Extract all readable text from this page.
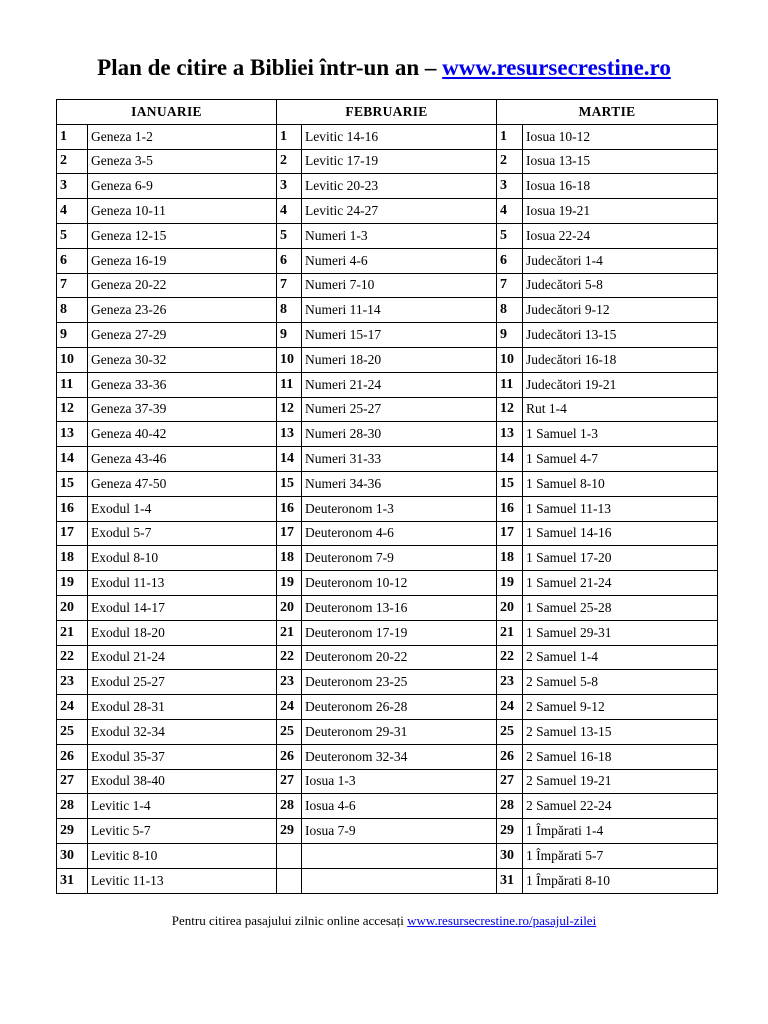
Plan de citire a Bibliei într-un an – www.resursecrestine.ro
IANUARIE		FEBRUARIE		MARTIE	
1	Geneza 1-2	1	Levitic 14-16	1	Iosua 10-12
2	Geneza 3-5	2	Levitic 17-19	2	Iosua 13-15
3	Geneza 6-9	3	Levitic 20-23	3	Iosua 16-18
4	Geneza 10-11	4	Levitic 24-27	4	Iosua 19-21
5	Geneza 12-15	5	Numeri 1-3	5	Iosua 22-24
6	Geneza 16-19	6	Numeri 4-6	6	Judecători 1-4
7	Geneza 20-22	7	Numeri 7-10	7	Judecători 5-8
8	Geneza 23-26	8	Numeri 11-14	8	Judecători 9-12
9	Geneza 27-29	9	Numeri 15-17	9	Judecători 13-15
10	Geneza 30-32	10	Numeri 18-20	10	Judecători 16-18
11	Geneza 33-36	11	Numeri 21-24	11	Judecători 19-21
12	Geneza 37-39	12	Numeri 25-27	12	Rut 1-4
13	Geneza 40-42	13	Numeri 28-30	13	1 Samuel 1-3
14	Geneza 43-46	14	Numeri 31-33	14	1 Samuel 4-7
15	Geneza 47-50	15	Numeri 34-36	15	1 Samuel 8-10
16	Exodul 1-4	16	Deuteronom 1-3	16	1 Samuel 11-13
17	Exodul 5-7	17	Deuteronom 4-6	17	1 Samuel 14-16
18	Exodul 8-10	18	Deuteronom 7-9	18	1 Samuel 17-20
19	Exodul 11-13	19	Deuteronom 10-12	19	1 Samuel 21-24
20	Exodul 14-17	20	Deuteronom 13-16	20	1 Samuel 25-28
21	Exodul 18-20	21	Deuteronom 17-19	21	1 Samuel 29-31
22	Exodul 21-24	22	Deuteronom 20-22	22	2 Samuel 1-4
23	Exodul 25-27	23	Deuteronom 23-25	23	2 Samuel 5-8
24	Exodul 28-31	24	Deuteronom 26-28	24	2 Samuel 9-12
25	Exodul 32-34	25	Deuteronom 29-31	25	2 Samuel 13-15
26	Exodul 35-37	26	Deuteronom 32-34	26	2 Samuel 16-18
27	Exodul 38-40	27	Iosua 1-3	27	2 Samuel 19-21
28	Levitic 1-4	28	Iosua 4-6	28	2 Samuel 22-24
29	Levitic 5-7	29	Iosua 7-9	29	1 Împărati 1-4
30	Levitic 8-10			30	1 Împărati 5-7
31	Levitic 11-13			31	1 Împărati 8-10
Pentru citirea pasajului zilnic online accesați www.resursecrestine.ro/pasajul-zilei
